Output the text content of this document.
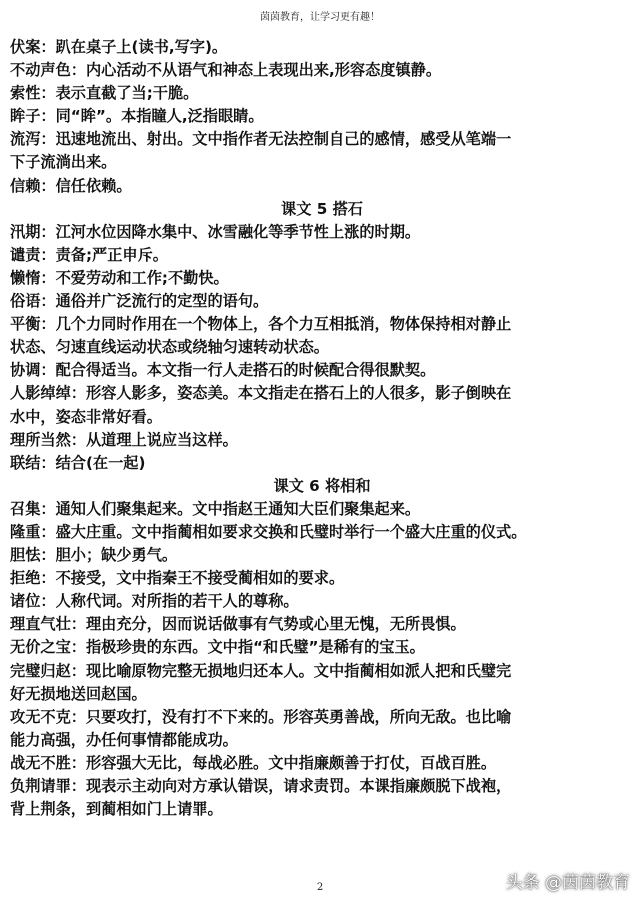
茵茵教育，让学习更有趣！

伏案：趴在桌子上(读书,写字)。

不动声色：内心活动不从语气和神态上表现出来,形容态度镇静。

索性：表示直截了当;干脆。

眸子：同“眸”。本指瞳人,泛指眼睛。

流泻：迅速地流出、射出。文中指作者无法控制自己的感情，感受从笔端一

下子流淌出来。

信赖：信任依赖。

课文 5 搭石

汛期：江河水位因降水集中、冰雪融化等季节性上涨的时期。

谴责：责备;严正申斥。

懒惰：不爱劳动和工作;不勤快。

俗语：通俗并广泛流行的定型的语句。

平衡：几个力同时作用在一个物体上，各个力互相抵消，物体保持相对静止

状态、匀速直线运动状态或绕轴匀速转动状态。

协调：配合得适当。本文指一行人走搭石的时候配合得很默契。

人影绰绰：形容人影多，姿态美。本文指走在搭石上的人很多，影子倒映在

水中，姿态非常好看。

理所当然：从道理上说应当这样。

联结：结合(在一起)

课文 6 将相和

召集：通知人们聚集起来。文中指赵王通知大臣们聚集起来。

隆重：盛大庄重。文中指蔺相如要求交换和氏璧时举行一个盛大庄重的仪式。

胆怯：胆小；缺少勇气。

拒绝：不接受，文中指秦王不接受蔺相如的要求。

诸位：人称代词。对所指的若干人的尊称。

理直气壮：理由充分，因而说话做事有气势或心里无愧，无所畏惧。

无价之宝：指极珍贵的东西。文中指“和氏璧”是稀有的宝玉。

完璧归赵：现比喻原物完整无损地归还本人。文中指蔺相如派人把和氏璧完

好无损地送回赵国。

攻无不克：只要攻打，没有打不下来的。形容英勇善战，所向无敌。也比喻

能力高强，办任何事情都能成功。

战无不胜：形容强大无比，每战必胜。文中指廉颇善于打仗，百战百胜。

负荆请罪：现表示主动向对方承认错误，请求责罚。本课指廉颇脱下战袍，

背上荆条，到蔺相如门上请罪。

2	头条 @茵茵教育
